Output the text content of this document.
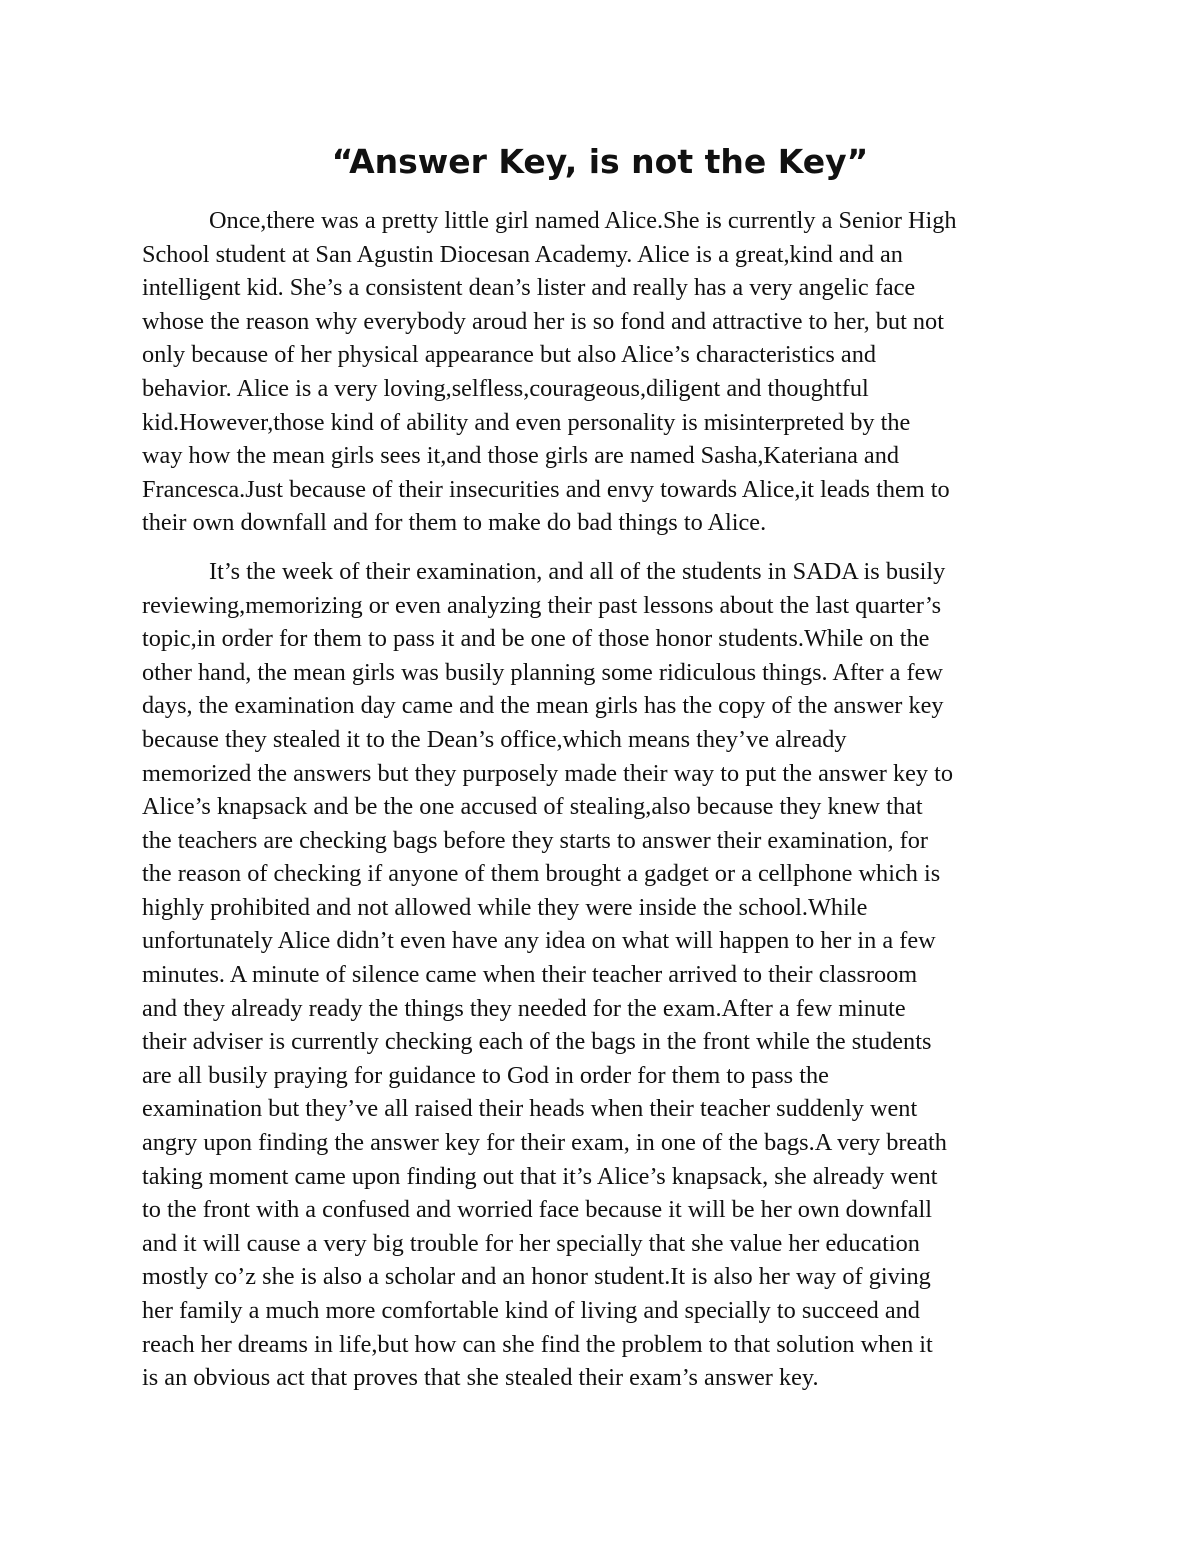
“Answer Key, is not the Key”

Once,there was a pretty little girl named Alice.She is currently a Senior High
School student at San Agustin Diocesan Academy. Alice is a great,kind and an
intelligent kid. She’s a consistent dean’s lister and really has a very angelic face
whose the reason why everybody aroud her is so fond and attractive to her, but not
only because of her physical appearance but also Alice’s characteristics and
behavior. Alice is a very loving,selfless,courageous,diligent and thoughtful
kid.However,those kind of ability and even personality is misinterpreted by the
way how the mean girls sees it,and those girls are named Sasha,Kateriana and
Francesca.Just because of their insecurities and envy towards Alice,it leads them to
their own downfall and for them to make do bad things to Alice.

It’s the week of their examination, and all of the students in SADA is busily
reviewing,memorizing or even analyzing their past lessons about the last quarter’s
topic,in order for them to pass it and be one of those honor students.While on the
other hand, the mean girls was busily planning some ridiculous things. After a few
days, the examination day came and the mean girls has the copy of the answer key
because they stealed it to the Dean’s office,which means they’ve already
memorized the answers but they purposely made their way to put the answer key to
Alice’s knapsack and be the one accused of stealing,also because they knew that
the teachers are checking bags before they starts to answer their examination, for
the reason of checking if anyone of them brought a gadget or a cellphone which is
highly prohibited and not allowed while they were inside the school.While
unfortunately Alice didn’t even have any idea on what will happen to her in a few
minutes. A minute of silence came when their teacher arrived to their classroom
and they already ready the things they needed for the exam.After a few minute
their adviser is currently checking each of the bags in the front while the students
are all busily praying for guidance to God in order for them to pass the
examination but they’ve all raised their heads when their teacher suddenly went
angry upon finding the answer key for their exam, in one of the bags.A very breath
taking moment came upon finding out that it’s Alice’s knapsack, she already went
to the front with a confused and worried face because it will be her own downfall
and it will cause a very big trouble for her specially that she value her education
mostly co’z she is also a scholar and an honor student.It is also her way of giving
her family a much more comfortable kind of living and specially to succeed and
reach her dreams in life,but how can she find the problem to that solution when it
is an obvious act that proves that she stealed their exam’s answer key.
